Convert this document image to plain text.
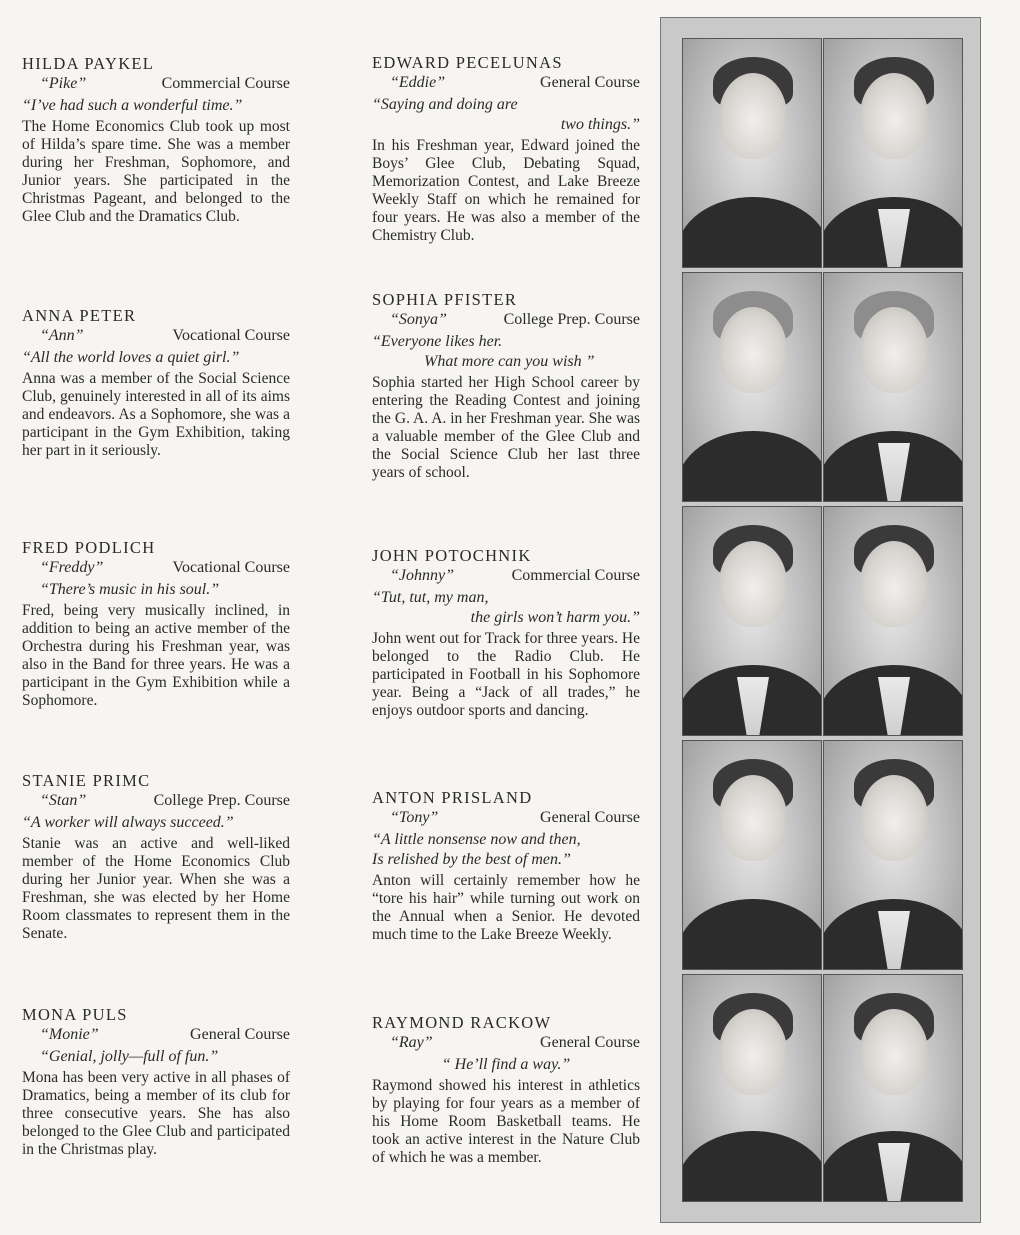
HILDA PAYKEL
“Pike”	Commercial Course
“I’ve had such a wonderful time.”

The Home Economics Club took up most of Hilda’s spare time. She was a member during her Freshman, Sophomore, and Junior years. She participated in the Christmas Pageant, and belonged to the Glee Club and the Dramatics Club.

ANNA PETER
“Ann”	Vocational Course
“All the world loves a quiet girl.”

Anna was a member of the Social Science Club, genuinely interested in all of its aims and endeavors. As a Sophomore, she was a participant in the Gym Exhibition, taking her part in it seriously.

FRED PODLICH
“Freddy”	Vocational Course
“There’s music in his soul.”

Fred, being very musically inclined, in addition to being an active member of the Orchestra during his Freshman year, was also in the Band for three years. He was a participant in the Gym Exhibition while a Sophomore.

STANIE PRIMC
“Stan”	College Prep. Course
“A worker will always succeed.”

Stanie was an active and well-liked member of the Home Economics Club during her Junior year. When she was a Freshman, she was elected by her Home Room classmates to represent them in the Senate.

MONA PULS
“Monie”	General Course
“Genial, jolly—full of fun.”

Mona has been very active in all phases of Dramatics, being a member of its club for three consecutive years. She has also belonged to the Glee Club and participated in the Christmas play.

EDWARD PECELUNAS
“Eddie”	General Course
“Saying and doing are
two things.”

In his Freshman year, Edward joined the Boys’ Glee Club, Debating Squad, Memorization Contest, and Lake Breeze Weekly Staff on which he remained for four years. He was also a member of the Chemistry Club.

SOPHIA PFISTER
“Sonya”	College Prep. Course
“Everyone likes her.
What more can you wish ”

Sophia started her High School career by entering the Reading Contest and joining the G. A. A. in her Freshman year. She was a valuable member of the Glee Club and the Social Science Club her last three years of school.

JOHN POTOCHNIK
“Johnny”	Commercial Course
“Tut, tut, my man,
the girls won’t harm you.”

John went out for Track for three years. He belonged to the Radio Club. He participated in Football in his Sophomore year. Being a “Jack of all trades,” he enjoys outdoor sports and dancing.

ANTON PRISLAND
“Tony”	General Course
“A little nonsense now and then,
Is relished by the best of men.”

Anton will certainly remember how he “tore his hair” while turning out work on the Annual when a Senior. He devoted much time to the Lake Breeze Weekly.

RAYMOND RACKOW
“Ray”	General Course
“ He’ll find a way.”

Raymond showed his interest in athletics by playing for four years as a member of his Home Room Basketball teams. He took an active interest in the Nature Club of which he was a member.
